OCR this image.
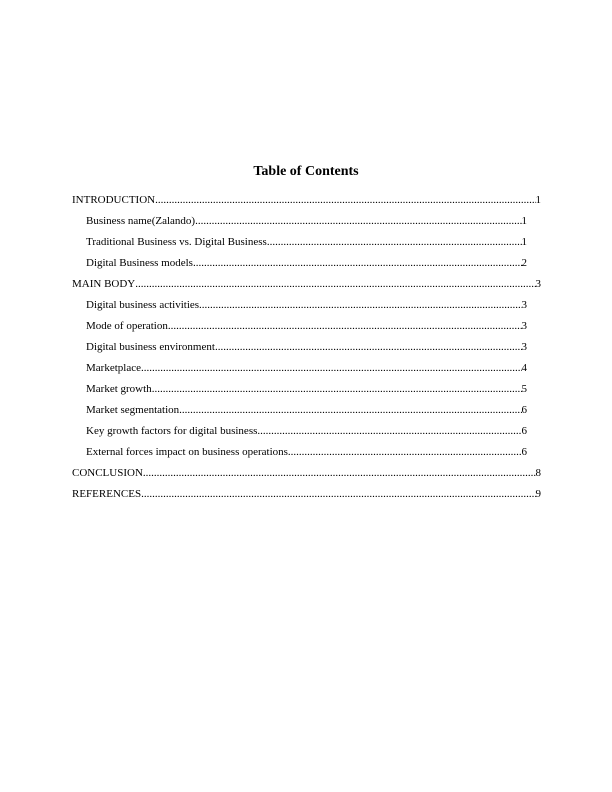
Table of Contents
INTRODUCTION .....	1
Business name(Zalando) .....	1
Traditional Business vs. Digital Business .....	1
Digital Business models .....	2
MAIN BODY .....	3
Digital business activities .....	3
Mode of operation .....	3
Digital business environment .....	3
Marketplace .....	4
Market growth .....	5
Market segmentation .....	6
Key growth factors for digital business .....	6
External forces impact on business operations .....	6
CONCLUSION .....	8
REFERENCES .....	9
